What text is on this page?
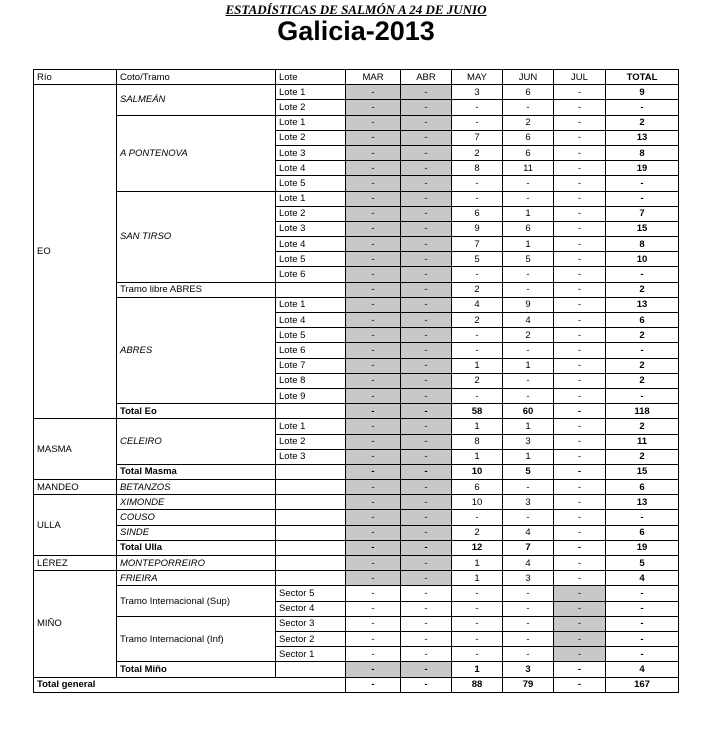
ESTADÍSTICAS DE SALMÓN A 24 DE JUNIO
Galicia-2013
Río	Coto/Tramo	Lote	MAR	ABR	MAY	JUN	JUL	TOTAL
EO	SALMEÁN	Lote 1	-	-	3	6	-	9
		Lote 2	-	-	-	-	-	-
	A PONTENOVA	Lote 1	-	-	-	2	-	2
		Lote 2	-	-	7	6	-	13
		Lote 3	-	-	2	6	-	8
		Lote 4	-	-	8	11	-	19
		Lote 5	-	-	-	-	-	-
	SAN TIRSO	Lote 1	-	-	-	-	-	-
		Lote 2	-	-	6	1	-	7
		Lote 3	-	-	9	6	-	15
		Lote 4	-	-	7	1	-	8
		Lote 5	-	-	5	5	-	10
		Lote 6	-	-	-	-	-	-
	Tramo libre ABRES		-	-	2	-	-	2
	ABRES	Lote 1	-	-	4	9	-	13
		Lote 4	-	-	2	4	-	6
		Lote 5	-	-	-	2	-	2
		Lote 6	-	-	-	-	-	-
		Lote 7	-	-	1	1	-	2
		Lote 8	-	-	2	-	-	2
		Lote 9	-	-	-	-	-	-
	Total Eo		-	-	58	60	-	118
MASMA	CELEIRO	Lote 1	-	-	1	1	-	2
		Lote 2	-	-	8	3	-	11
		Lote 3	-	-	1	1	-	2
	Total Masma		-	-	10	5	-	15
MANDEO	BETANZOS		-	-	6	-	-	6
ULLA	XIMONDE		-	-	10	3	-	13
	COUSO		-	-	-	-	-	-
	SINDE		-	-	2	4	-	6
	Total Ulla		-	-	12	7	-	19
LÉREZ	MONTEPORREIRO		-	-	1	4	-	5
MIÑO	FRIEIRA		-	-	1	3	-	4
	Tramo Internacional (Sup)	Sector 5	-	-	-	-	-	-
		Sector 4	-	-	-	-	-	-
	Tramo Internacional (Inf)	Sector 3	-	-	-	-	-	-
		Sector 2	-	-	-	-	-	-
		Sector 1	-	-	-	-	-	-
	Total Miño		-	-	1	3	-	4
Total general			-	-	88	79	-	167
